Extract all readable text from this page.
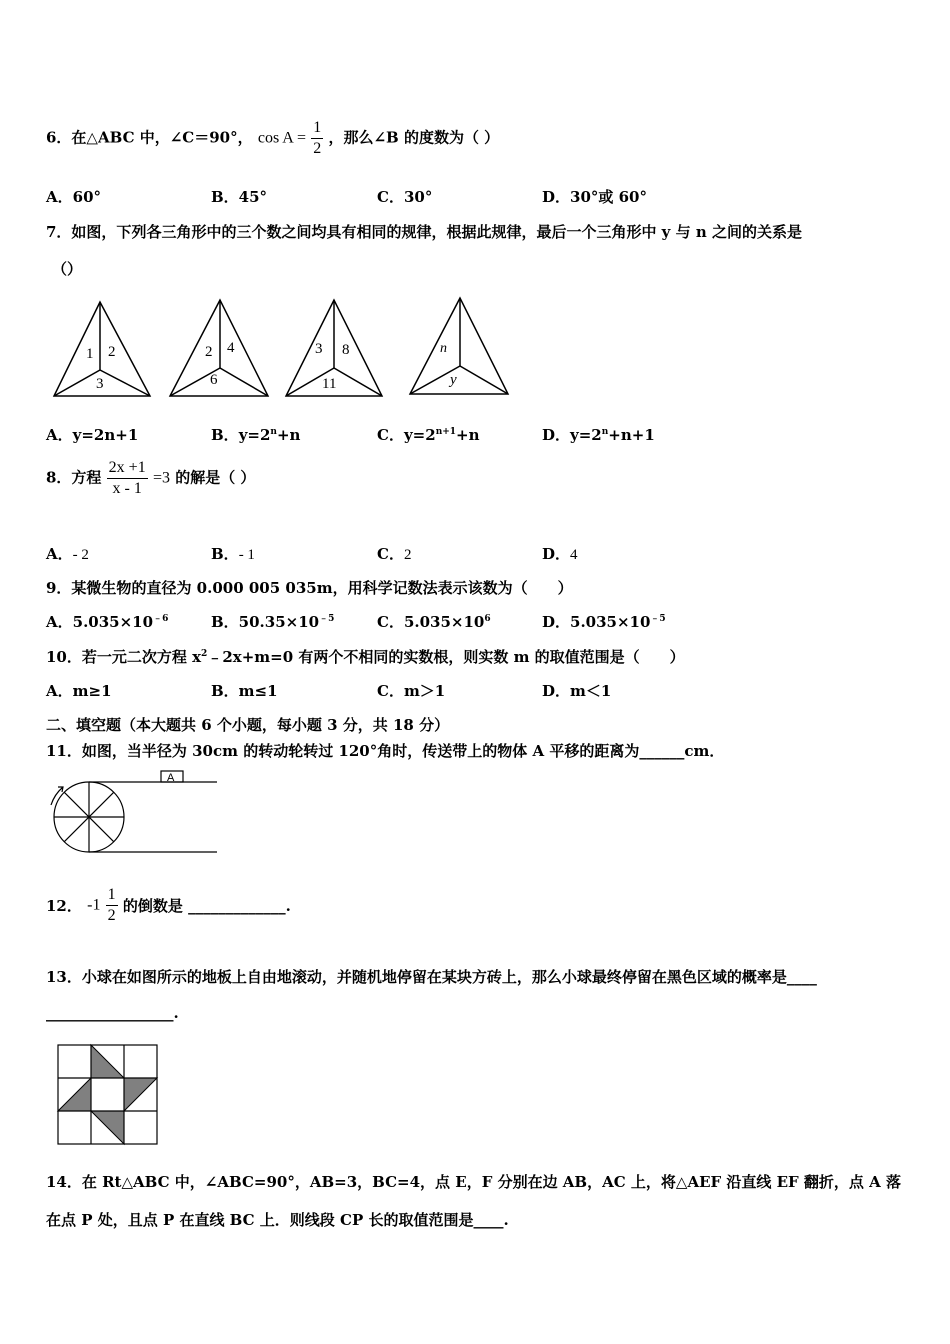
6．在△ABC 中，∠C＝90°， $\cos A = \frac{1}{2}$ ，那么∠B 的度数为（ ）
A．60°	B．45°	C．30°	D．30°或 60°
7．如图，下列各三角形中的三个数之间均具有相同的规律，根据此规律，最后一个三角形中 y 与 n 之间的关系是
（）
1 2
3
2 4
6
3 8
11
n
y
A．y=2n+1	B．$y=2^n+n$	C．$y=2^{n+1}+n$	D．$y=2^n+n+1$
8．方程 $\frac{2x +1}{x - 1} =3$ 的解是（ ）
A．- 2	B．- 1	C．2	D．4
9．某微生物的直径为 0.000 005 035m，用科学记数法表示该数为（　　）
A．$5.035\times 10^{﹣6}$	B．$50.35\times 10^{﹣5}$	C．$5.035\times 10^6$	D．$5.035\times 10^{﹣5}$
10．若一元二次方程 $x^2﹣2x+m=0$ 有两个不相同的实数根，则实数 m 的取值范围是（　　）
A．m≥1	B．m≤1	C．m＞1	D．m＜1
二、填空题（本大题共 6 个小题，每小题 3 分，共 18 分）
11．如图，当半径为 30cm 的转动轮转过 120°角时，传送带上的物体 A 平移的距离为______cm．
A
12． $-1 \frac{1}{2}$ 的倒数是 _____________.
13．小球在如图所示的地板上自由地滚动，并随机地停留在某块方砖上，那么小球最终停留在黑色区域的概率是____
_________________.
14．在 Rt△ABC 中，∠ABC=90°，AB=3，BC=4，点 E，F 分别在边 AB，AC 上，将△AEF 沿直线 EF 翻折，点 A 落
在点 P 处，且点 P 在直线 BC 上．则线段 CP 长的取值范围是____.
